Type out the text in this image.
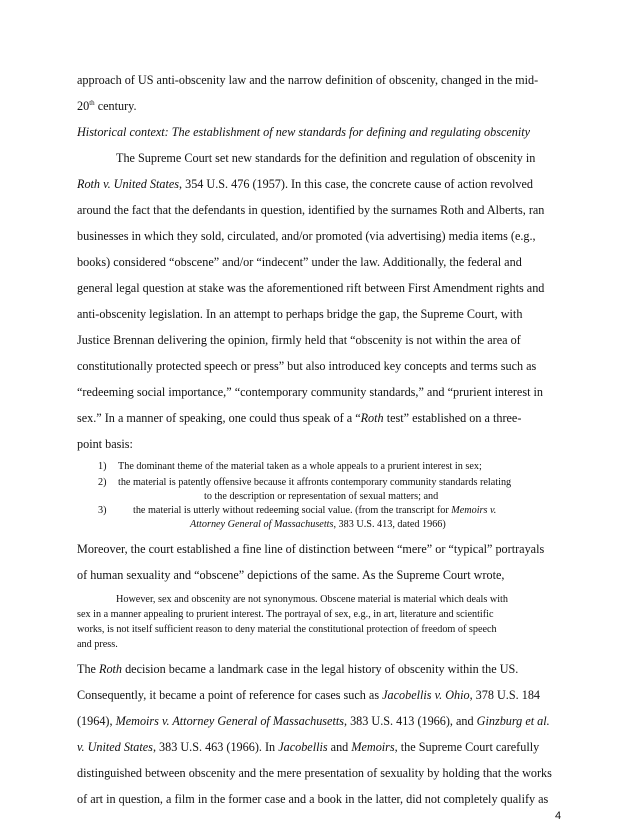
approach of US anti-obscenity law and the narrow definition of obscenity, changed in the mid-
20th century.
Historical context: The establishment of new standards for defining and regulating obscenity
The Supreme Court set new standards for the definition and regulation of obscenity in
Roth v. United States, 354 U.S. 476 (1957). In this case, the concrete cause of action revolved
around the fact that the defendants in question, identified by the surnames Roth and Alberts, ran
businesses in which they sold, circulated, and/or promoted (via advertising) media items (e.g.,
books) considered “obscene” and/or “indecent” under the law. Additionally, the federal and
general legal question at stake was the aforementioned rift between First Amendment rights and
anti-obscenity legislation. In an attempt to perhaps bridge the gap, the Supreme Court, with
Justice Brennan delivering the opinion, firmly held that “obscenity is not within the area of
constitutionally protected speech or press” but also introduced key concepts and terms such as
“redeeming social importance,” “contemporary community standards,” and “prurient interest in
sex.” In a manner of speaking, one could thus speak of a “Roth test” established on a three-
point basis:
1) The dominant theme of the material taken as a whole appeals to a prurient interest in sex;
2) the material is patently offensive because it affronts contemporary community standards relating
to the description or representation of sexual matters; and
3)	the material is utterly without redeeming social value. (from the transcript for Memoirs v.
Attorney General of Massachusetts, 383 U.S. 413, dated 1966)
Moreover, the court established a fine line of distinction between “mere” or “typical” portrayals
of human sexuality and “obscene” depictions of the same. As the Supreme Court wrote,
However, sex and obscenity are not synonymous. Obscene material is material which deals with
sex in a manner appealing to prurient interest. The portrayal of sex, e.g., in art, literature and scientific
works, is not itself sufficient reason to deny material the constitutional protection of freedom of speech
and press.
The Roth decision became a landmark case in the legal history of obscenity within the US.
Consequently, it became a point of reference for cases such as Jacobellis v. Ohio, 378 U.S. 184
(1964), Memoirs v. Attorney General of Massachusetts, 383 U.S. 413 (1966), and Ginzburg et al.
v. United States, 383 U.S. 463 (1966). In Jacobellis and Memoirs, the Supreme Court carefully
distinguished between obscenity and the mere presentation of sexuality by holding that the works
of art in question, a film in the former case and a book in the latter, did not completely qualify as
4
